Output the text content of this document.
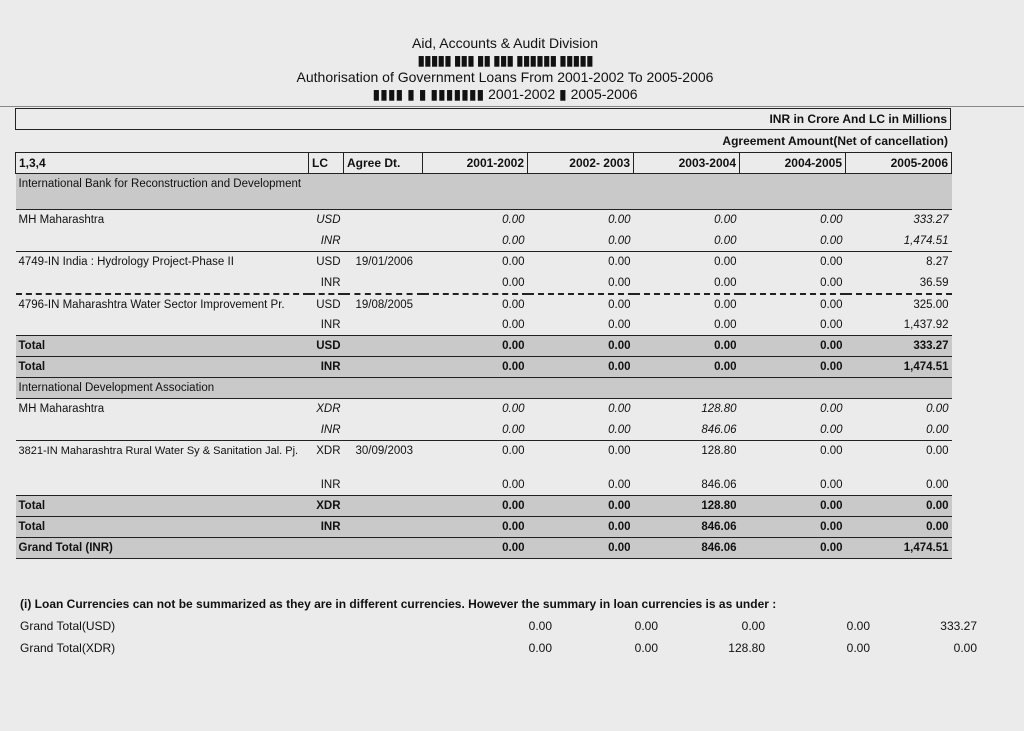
Aid, Accounts & Audit Division
▮▮▮▮▮ ▮▮▮ ▮▮ ▮▮▮ ▮▮▮▮▮▮ ▮▮▮▮▮
Authorisation of Government Loans From 2001-2002 To 2005-2006
▮▮▮▮ ▮ ▮ ▮▮▮▮▮▮▮ 2001-2002 ▮ 2005-2006
INR in Crore And LC in Millions
Agreement Amount(Net of cancellation)
1,3,4	LC	Agree Dt.	2001-2002	2002- 2003	2003-2004	2004-2005	2005-2006
International Bank for Reconstruction and Development							
MH Maharashtra	USD		0.00	0.00	0.00	0.00	333.27
	INR		0.00	0.00	0.00	0.00	1,474.51
4749-IN India : Hydrology Project-Phase II	USD	19/01/2006	0.00	0.00	0.00	0.00	8.27
	INR		0.00	0.00	0.00	0.00	36.59
4796-IN Maharashtra Water Sector Improvement Pr.	USD	19/08/2005	0.00	0.00	0.00	0.00	325.00
	INR		0.00	0.00	0.00	0.00	1,437.92
Total	USD		0.00	0.00	0.00	0.00	333.27
Total	INR		0.00	0.00	0.00	0.00	1,474.51
International Development Association							
MH Maharashtra	XDR		0.00	0.00	128.80	0.00	0.00
	INR		0.00	0.00	846.06	0.00	0.00
3821-IN Maharashtra Rural Water Sy & Sanitation Jal. Pj.	XDR	30/09/2003	0.00	0.00	128.80	0.00	0.00
	INR		0.00	0.00	846.06	0.00	0.00
Total	XDR		0.00	0.00	128.80	0.00	0.00
Total	INR		0.00	0.00	846.06	0.00	0.00
Grand Total (INR)			0.00	0.00	846.06	0.00	1,474.51
(i) Loan Currencies can not be summarized as they are in different currencies. However the summary in loan currencies is as under :
Grand Total(USD)	0.00	0.00	0.00	0.00	333.27
Grand Total(XDR)	0.00	0.00	128.80	0.00	0.00
